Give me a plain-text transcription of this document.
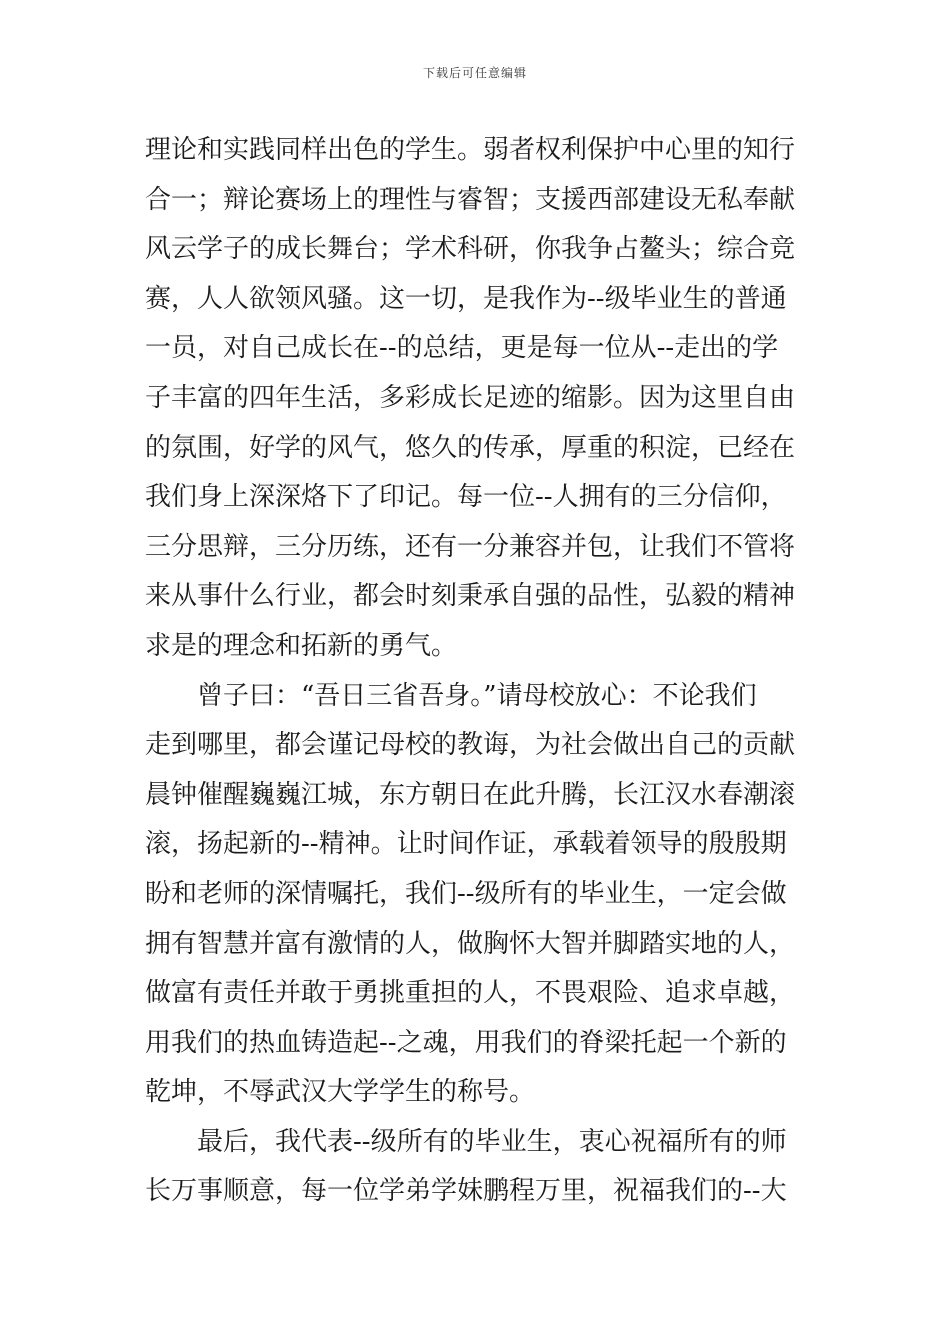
下载后可任意编辑
理论和实践同样出色的学生。弱者权利保护中心里的知行
合一；辩论赛场上的理性与睿智；支援西部建设无私奉献
风云学子的成长舞台；学术科研，你我争占鳌头；综合竞
赛，人人欲领风骚。这一切，是我作为--级毕业生的普通
一员，对自己成长在--的总结，更是每一位从--走出的学
子丰富的四年生活，多彩成长足迹的缩影。因为这里自由
的氛围，好学的风气，悠久的传承，厚重的积淀，已经在
我们身上深深烙下了印记。每一位--人拥有的三分信仰，
三分思辩，三分历练，还有一分兼容并包，让我们不管将
来从事什么行业，都会时刻秉承自强的品性，弘毅的精神
求是的理念和拓新的勇气。
曾子曰：“吾日三省吾身。”请母校放心：不论我们
走到哪里，都会谨记母校的教诲，为社会做出自己的贡献
晨钟催醒巍巍江城，东方朝日在此升腾，长江汉水春潮滚
滚，扬起新的--精神。让时间作证，承载着领导的殷殷期
盼和老师的深情嘱托，我们--级所有的毕业生，一定会做
拥有智慧并富有激情的人，做胸怀大智并脚踏实地的人，
做富有责任并敢于勇挑重担的人，不畏艰险、追求卓越，
用我们的热血铸造起--之魂，用我们的脊梁托起一个新的
乾坤，不辱武汉大学学生的称号。
最后，我代表--级所有的毕业生，衷心祝福所有的师
长万事顺意，每一位学弟学妹鹏程万里，祝福我们的--大
